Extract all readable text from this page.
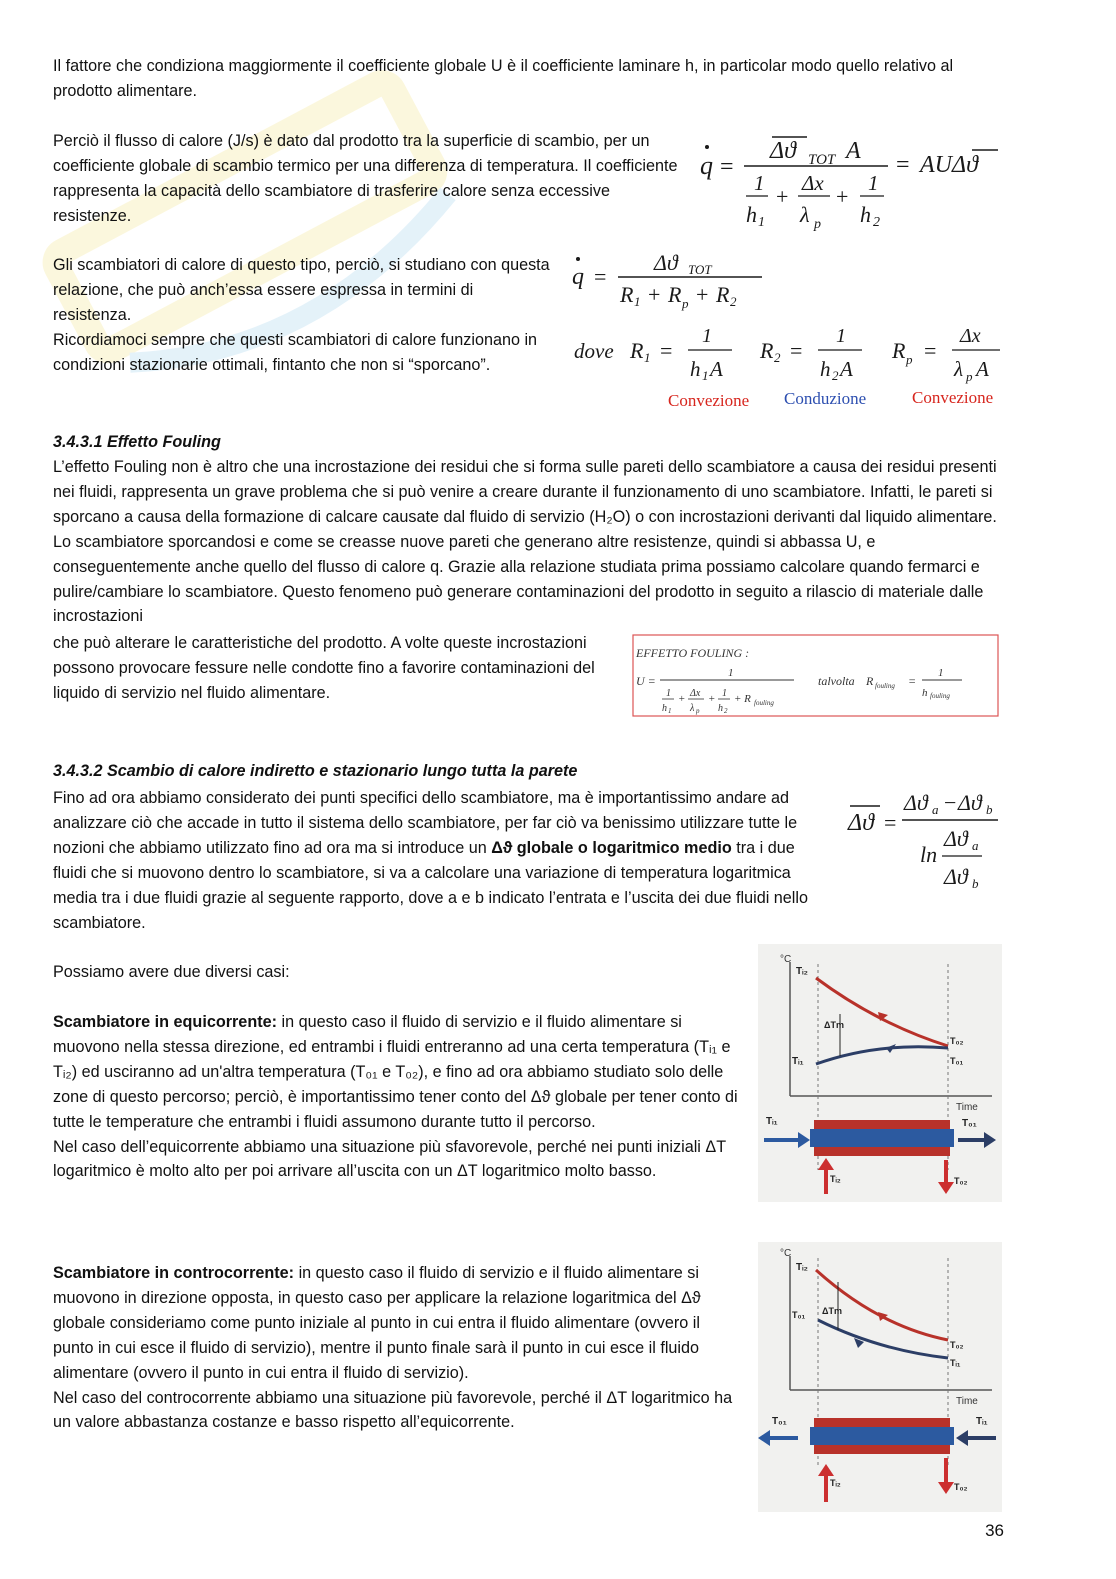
Il fattore che condiziona maggiormente il coefficiente globale U è il coefficiente laminare h, in particolar modo quello relativo al prodotto alimentare.

Perciò il flusso di calore (J/s) è dato dal prodotto tra la superficie di scambio, per un coefficiente globale di scambio termico per una differenza di temperatura. Il coefficiente rappresenta la capacità dello scambiatore di trasferire calore senza eccessive resistenze.

q =
Δϑ TOT A
1
h 1
+
Δx
λ p
+
1
h 2
= AUΔϑ

Gli scambiatori di calore di questo tipo, perciò, si studiano con questa relazione, che può anch’essa essere espressa in termini di resistenza.

Ricordiamoci sempre che questi scambiatori di calore funzionano in condizioni stazionarie ottimali, fintanto che non si “sporcano”.

q =
Δϑ TOT
R 1 + R p + R 2
dove R 1 =
1
h 1 A
R 2 =
1
h 2 A
R p =
Δx
λ p A
Convezione Conduzione	Convezione
3.4.3.1 Effetto Fouling

L’effetto Fouling non è altro che una incrostazione dei residui che si forma sulle pareti dello scambiatore a causa dei residui presenti nei fluidi, rappresenta un grave problema che si può venire a creare durante il funzionamento di uno scambiatore. Infatti, le pareti si sporcano a causa della formazione di calcare causate dal fluido di servizio (H₂O) o con incrostazioni derivanti dal liquido alimentare. Lo scambiatore sporcandosi e come se creasse nuove pareti che generano altre resistenze, quindi si abbassa U, e conseguentemente anche quello del flusso di calore q. Grazie alla relazione studiata prima possiamo calcolare quando fermarci e pulire/cambiare lo scambiatore. Questo fenomeno può generare contaminazioni del prodotto in seguito a rilascio di materiale dalle incrostazioni

che può alterare le caratteristiche del prodotto. A volte queste incrostazioni possono provocare fessure nelle condotte fino a favorire contaminazioni del liquido di servizio nel fluido alimentare.

EFFETTO FOULING :
U =
1
1
h 1
+ Δx
λ p
+ 1
h 2
+ R fouling
talvolta R fouling =
1
h fouling
3.4.3.2 Scambio di calore indiretto e stazionario lungo tutta la parete

Fino ad ora abbiamo considerato dei punti specifici dello scambiatore, ma è importantissimo andare ad analizzare ciò che accade in tutto il sistema dello scambiatore, per far ciò va benissimo utilizzare tutte le nozioni che abbiamo utilizzato fino ad ora ma si introduce un Δϑ globale o logaritmico medio tra i due fluidi che si muovono dentro lo scambiatore, si va a calcolare una variazione di temperatura logaritmica media tra i due fluidi grazie al seguente rapporto, dove a e b indicato l’entrata e l’uscita dei due fluidi nello scambiatore.

Δϑ =
Δϑ a − Δϑ b
ln
Δϑ a
Δϑ b

Possiamo avere due diversi casi:

Scambiatore in equicorrente: in questo caso il fluido di servizio e il fluido alimentare si muovono nella stessa direzione, ed entrambi i fluidi entreranno ad una certa temperatura (Tᵢ₁ e Tᵢ₂) ed usciranno ad un'altra temperatura (T₀₁ e T₀₂), e fino ad ora abbiamo studiato solo delle zone di questo percorso; perciò, è importantissimo tener conto del Δϑ globale per tener conto di tutte le temperature che entrambi i fluidi assumono durante tutto il percorso.

Nel caso dell’equicorrente abbiamo una situazione più sfavorevole, perché nei punti iniziali ΔT logaritmico è molto alto per poi arrivare all’uscita con un ΔT logaritmico molto basso.

°C
Time
Tᵢ₂
Tᵢ₁
T₀₂
T₀₁
ΔTm
Tᵢ₁	T₀₁
Tᵢ₂	T₀₂

Scambiatore in controcorrente: in questo caso il fluido di servizio e il fluido alimentare si muovono in direzione opposta, in questo caso per applicare la relazione logaritmica del Δϑ globale consideriamo come punto iniziale al punto in cui entra il fluido alimentare (ovvero il punto in cui esce il fluido di servizio), mentre il punto finale sarà il punto in cui esce il fluido alimentare (ovvero il punto in cui entra il fluido di servizio).

Nel caso del controcorrente abbiamo una situazione più favorevole, perché il ΔT logaritmico ha un valore abbastanza costanze e basso rispetto all’equicorrente.

°C
Time
Tᵢ₂
T₀₁
T₀₂
Tᵢ₁
ΔTm
T₀₁	Tᵢ₁
Tᵢ₂	T₀₂
36
